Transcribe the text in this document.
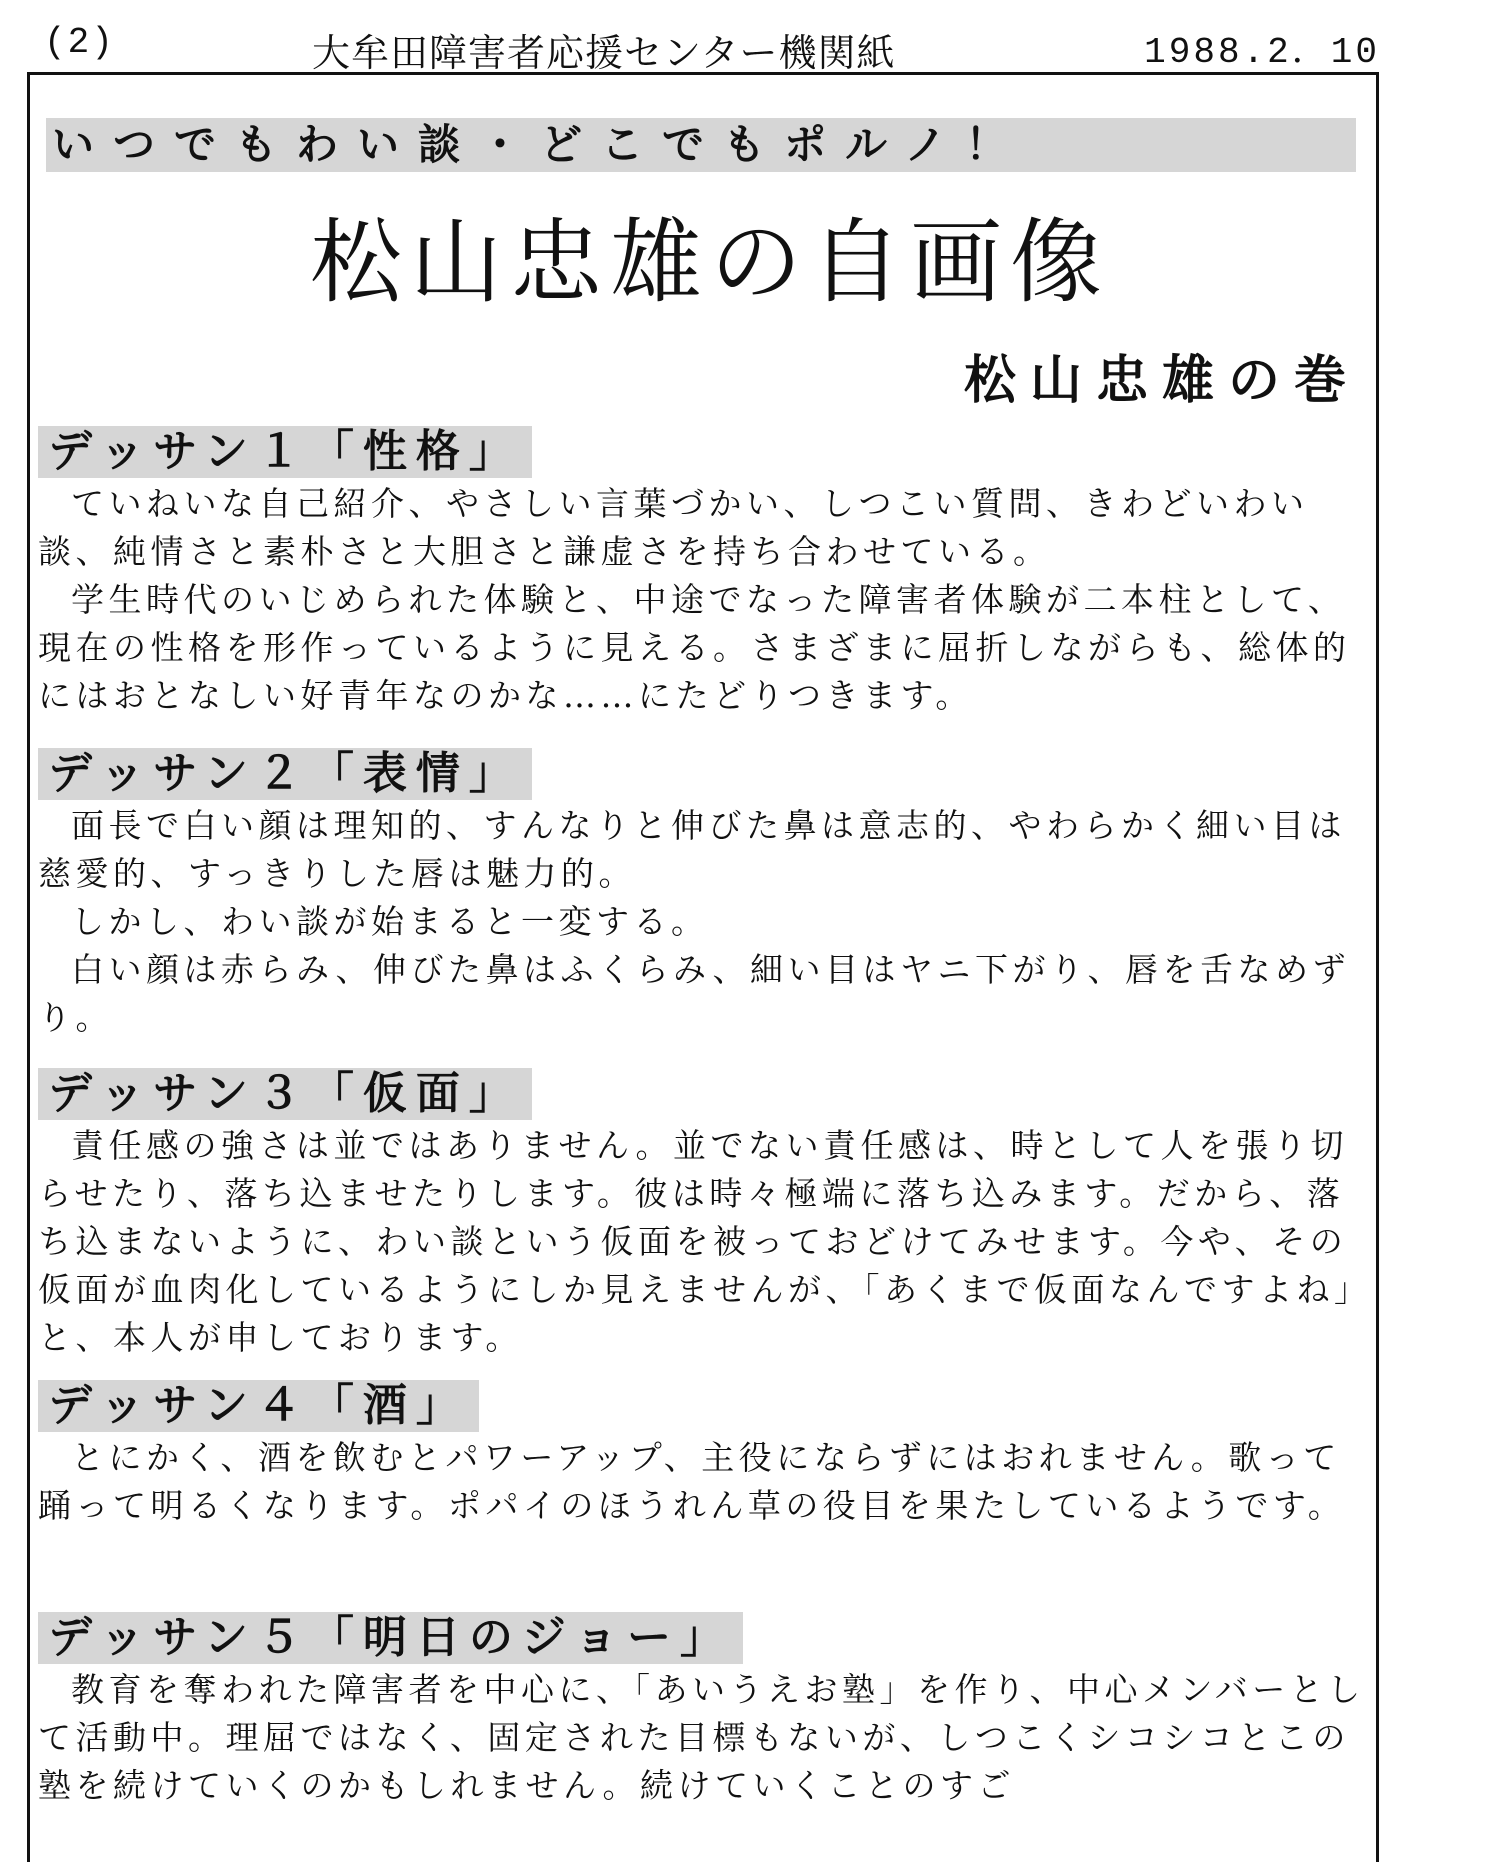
(2)	大牟田障害者応援センター機関紙	1988.2．10
いつでもわい談・どこでもポルノ！
松山忠雄の自画像
松山忠雄の巻
デッサン１「性格」

ていねいな自己紹介、やさしい言葉づかい、しつこい質問、きわどいわい談、純情さと素朴さと大胆さと謙虚さを持ち合わせている。

学生時代のいじめられた体験と、中途でなった障害者体験が二本柱として、現在の性格を形作っているように見える。さまざまに屈折しながらも、総体的にはおとなしい好青年なのかな……にたどりつきます。

デッサン２「表情」

面長で白い顔は理知的、すんなりと伸びた鼻は意志的、やわらかく細い目は慈愛的、すっきりした唇は魅力的。

しかし、わい談が始まると一変する。

白い顔は赤らみ、伸びた鼻はふくらみ、細い目はヤニ下がり、唇を舌なめずり。

デッサン３「仮面」

責任感の強さは並ではありません。並でない責任感は、時として人を張り切らせたり、落ち込ませたりします。彼は時々極端に落ち込みます。だから、落ち込まないように、わい談という仮面を被っておどけてみせます。今や、その仮面が血肉化しているようにしか見えませんが、「あくまで仮面なんですよね」と、本人が申しております。

デッサン４「酒」

とにかく、酒を飲むとパワーアップ、主役にならずにはおれません。歌って踊って明るくなります。ポパイのほうれん草の役目を果たしているようです。

デッサン５「明日のジョー」

教育を奪われた障害者を中心に、「あいうえお塾」を作り、中心メンバーとして活動中。理屈ではなく、固定された目標もないが、しつこくシコシコとこの塾を続けていくのかもしれません。続けていくことのすご
